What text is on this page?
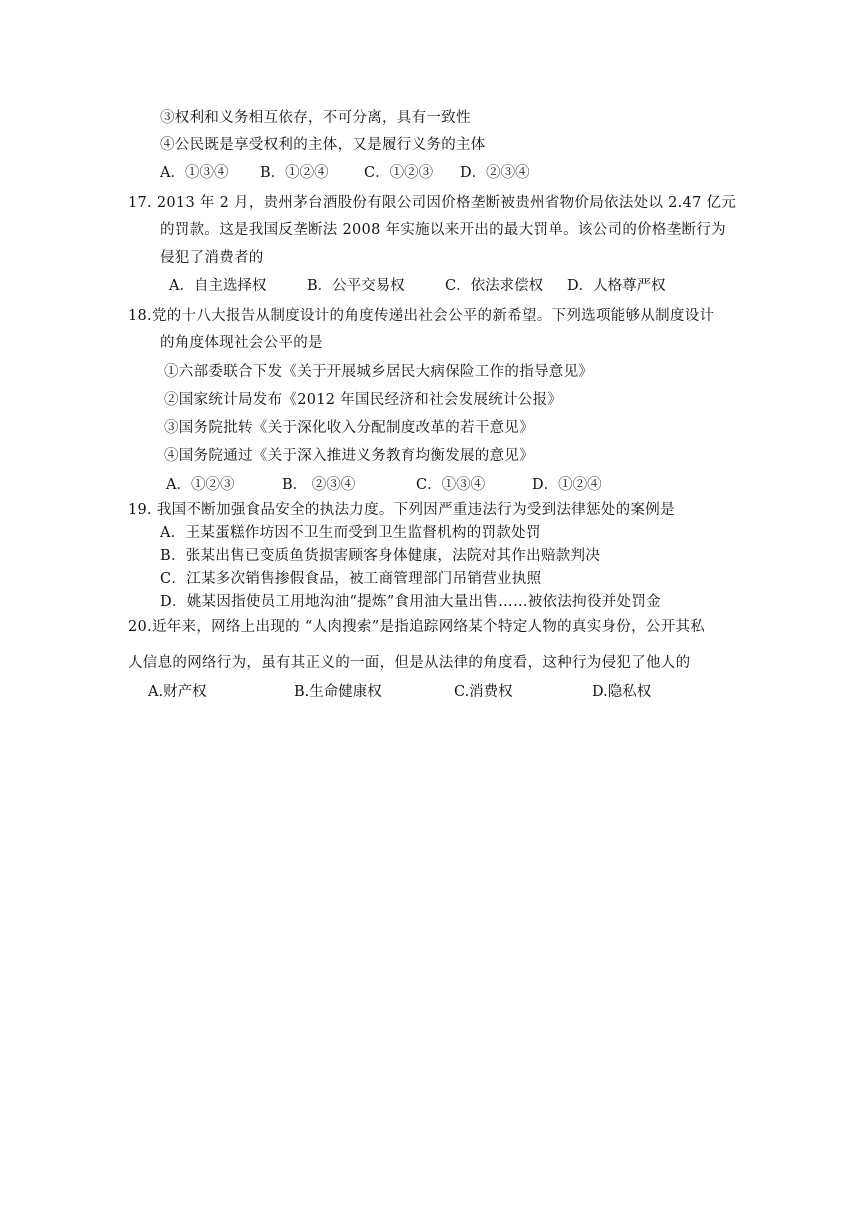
③权利和义务相互依存，不可分离，具有一致性
④公民既是享受权利的主体，又是履行义务的主体
A．①③④ B．①②④ C．①②③ D．②③④
17. 2013 年 2 月，贵州茅台酒股份有限公司因价格垄断被贵州省物价局依法处以 2.47 亿元
的罚款。这是我国反垄断法 2008 年实施以来开出的最大罚单。该公司的价格垄断行为
侵犯了消费者的
A．自主选择权	B．公平交易权	C．依法求偿权 D．人格尊严权
18.党的十八大报告从制度设计的角度传递出社会公平的新希望。下列选项能够从制度设计
的角度体现社会公平的是
①六部委联合下发《关于开展城乡居民大病保险工作的指导意见》
②国家统计局发布《2012 年国民经济和社会发展统计公报》
③国务院批转《关于深化收入分配制度改革的若干意见》
④国务院通过《关于深入推进义务教育均衡发展的意见》
A．①②③	B． ②③④	C．①③④	D．①②④
19. 我国不断加强食品安全的执法力度。下列因严重违法行为受到法律惩处的案例是
A．王某蛋糕作坊因不卫生而受到卫生监督机构的罚款处罚
B．张某出售已变质鱼货损害顾客身体健康，法院对其作出赔款判决
C．江某多次销售掺假食品，被工商管理部门吊销营业执照
D．姚某因指使员工用地沟油“提炼”食用油大量出售……被依法拘役并处罚金
20.近年来，网络上出现的 “人肉搜索”是指追踪网络某个特定人物的真实身份，公开其私
人信息的网络行为，虽有其正义的一面，但是从法律的角度看，这种行为侵犯了他人的
A.财产权	B.生命健康权	C.消费权	D.隐私权
